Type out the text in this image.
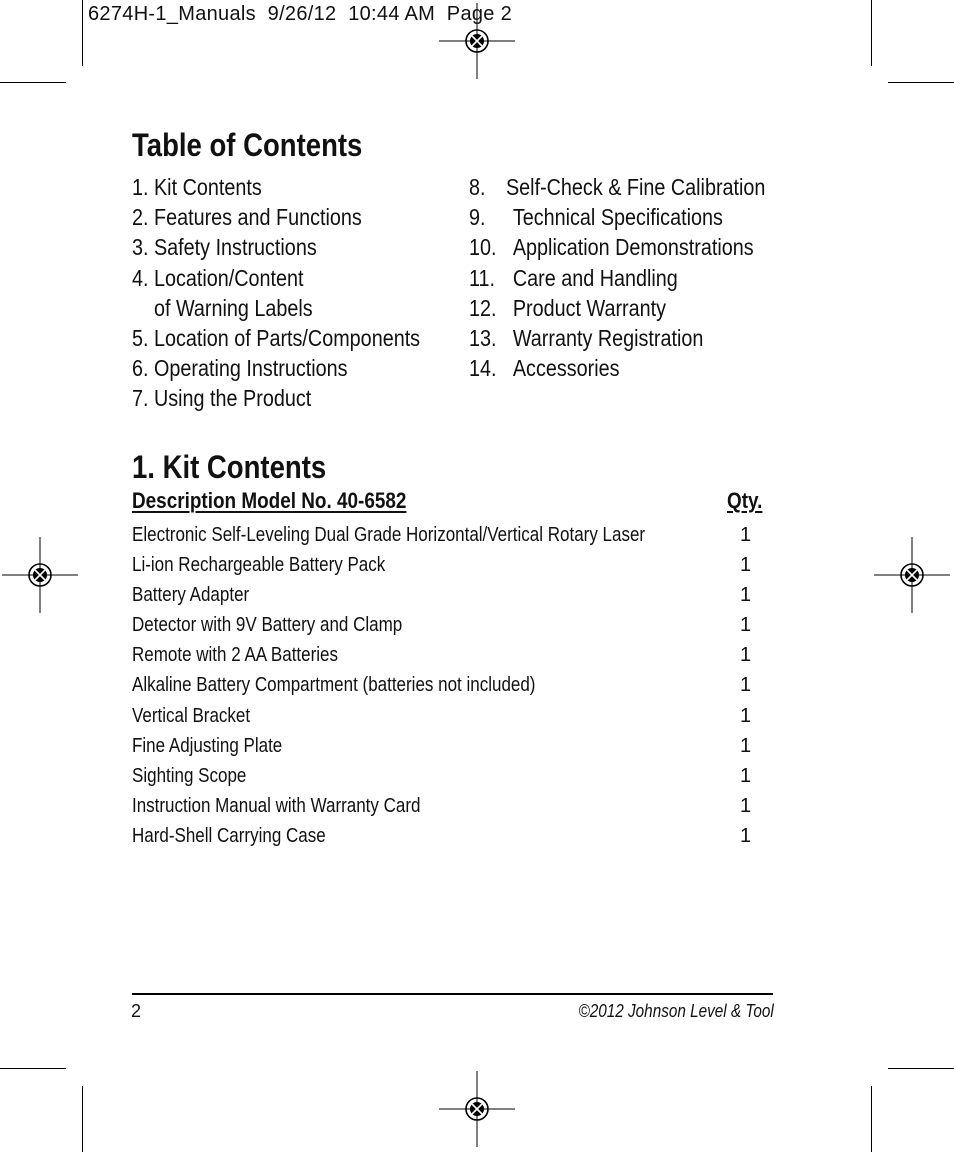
6274H-1_Manuals  9/26/12  10:44 AM  Page 2
Table of Contents
1. Kit Contents
2. Features and Functions
3. Safety Instructions
4. Location/Content
of Warning Labels
5. Location of Parts/Components
6. Operating Instructions
7. Using the Product
8. Self-Check & Fine Calibration
9. Technical Specifications
10. Application Demonstrations
11. Care and Handling
12. Product Warranty
13. Warranty Registration
14. Accessories
1. Kit Contents
Description Model No. 40-6582	Qty.
Electronic Self-Leveling Dual Grade Horizontal/Vertical Rotary Laser	1
Li-ion Rechargeable Battery Pack	1
Battery Adapter	1
Detector with 9V Battery and Clamp	1
Remote with 2 AA Batteries	1
Alkaline Battery Compartment (batteries not included)	1
Vertical Bracket	1
Fine Adjusting Plate	1
Sighting Scope	1
Instruction Manual with Warranty Card	1
Hard-Shell Carrying Case	1
2	©2012 Johnson Level & Tool
